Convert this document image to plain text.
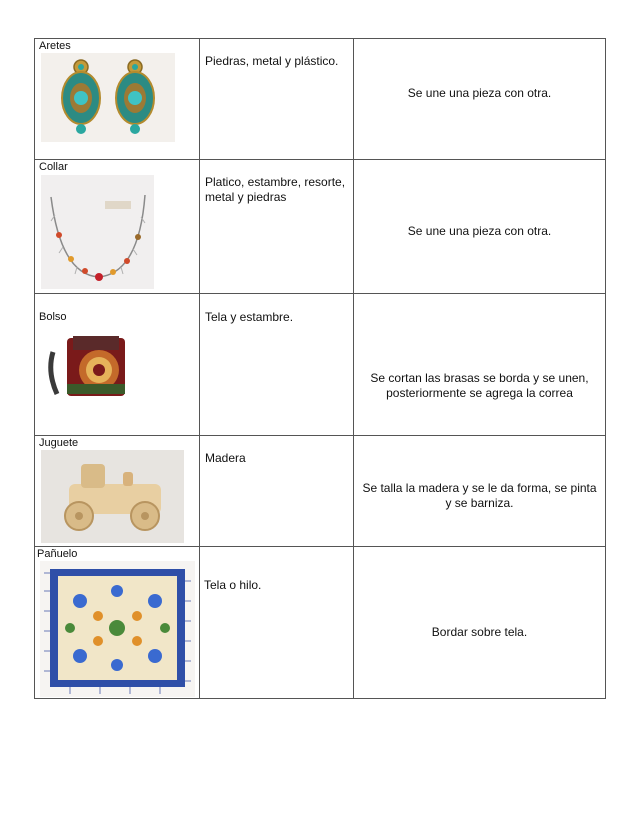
Aretes	Piedras, metal y plástico.	Se une una pieza con otra.

Collar	Platico, estambre, resorte, metal y piedras	Se une una pieza con otra.

Bolso	Tela y estambre.	Se cortan las brasas se borda y se unen, posteriormente se agrega la correa

Juguete	Madera	Se talla la madera y se le da forma, se pinta y se barniza.

Pañuelo	Tela o hilo.	Bordar sobre tela.
